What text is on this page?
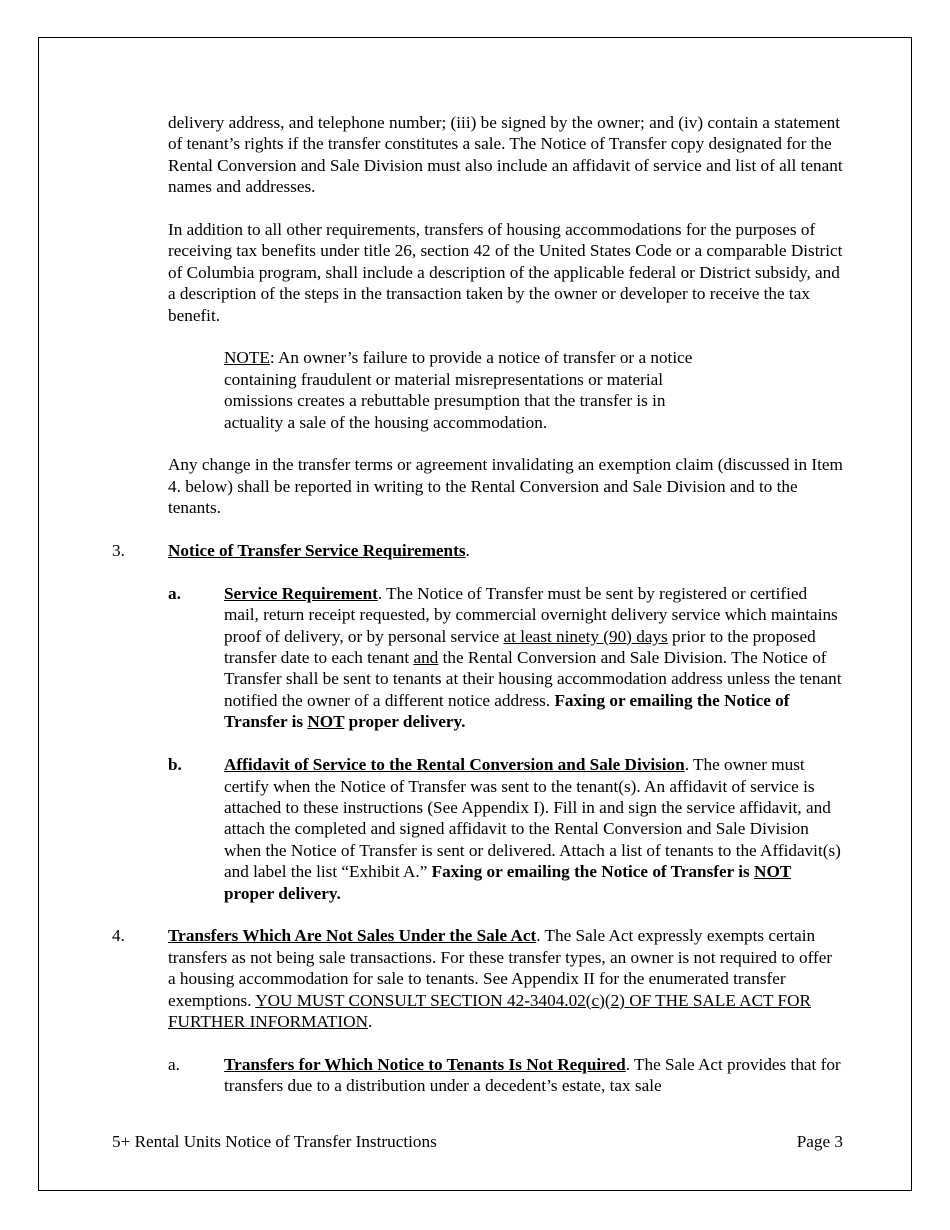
delivery address, and telephone number; (iii) be signed by the owner; and (iv) contain a statement of tenant’s rights if the transfer constitutes a sale. The Notice of Transfer copy designated for the Rental Conversion and Sale Division must also include an affidavit of service and list of all tenant names and addresses.

In addition to all other requirements, transfers of housing accommodations for the purposes of receiving tax benefits under title 26, section 42 of the United States Code or a comparable District of Columbia program, shall include a description of the applicable federal or District subsidy, and a description of the steps in the transaction taken by the owner or developer to receive the tax benefit.

NOTE: An owner’s failure to provide a notice of transfer or a notice containing fraudulent or material misrepresentations or material omissions creates a rebuttable presumption that the transfer is in actuality a sale of the housing accommodation.

Any change in the transfer terms or agreement invalidating an exemption claim (discussed in Item 4. below) shall be reported in writing to the Rental Conversion and Sale Division and to the tenants.

3.	Notice of Transfer Service Requirements.
a.	Service Requirement. The Notice of Transfer must be sent by registered or certified mail, return receipt requested, by commercial overnight delivery service which maintains proof of delivery, or by personal service at least ninety (90) days prior to the proposed transfer date to each tenant and the Rental Conversion and Sale Division. The Notice of Transfer shall be sent to tenants at their housing accommodation address unless the tenant notified the owner of a different notice address. Faxing or emailing the Notice of Transfer is NOT proper delivery.
b. Affidavit of Service to the Rental Conversion and Sale Division. The owner must certify when the Notice of Transfer was sent to the tenant(s). An affidavit of service is attached to these instructions (See Appendix I). Fill in and sign the service affidavit, and attach the completed and signed affidavit to the Rental Conversion and Sale Division when the Notice of Transfer is sent or delivered. Attach a list of tenants to the Affidavit(s) and label the list “Exhibit A.” Faxing or emailing the Notice of Transfer is NOT proper delivery.
4.	Transfers Which Are Not Sales Under the Sale Act. The Sale Act expressly exempts certain transfers as not being sale transactions. For these transfer types, an owner is not required to offer a housing accommodation for sale to tenants. See Appendix II for the enumerated transfer exemptions. YOU MUST CONSULT SECTION 42-3404.02(c)(2) OF THE SALE ACT FOR FURTHER INFORMATION.
a.	Transfers for Which Notice to Tenants Is Not Required. The Sale Act provides that for transfers due to a distribution under a decedent’s estate, tax sale
5+ Rental Units Notice of Transfer Instructions	Page 3
